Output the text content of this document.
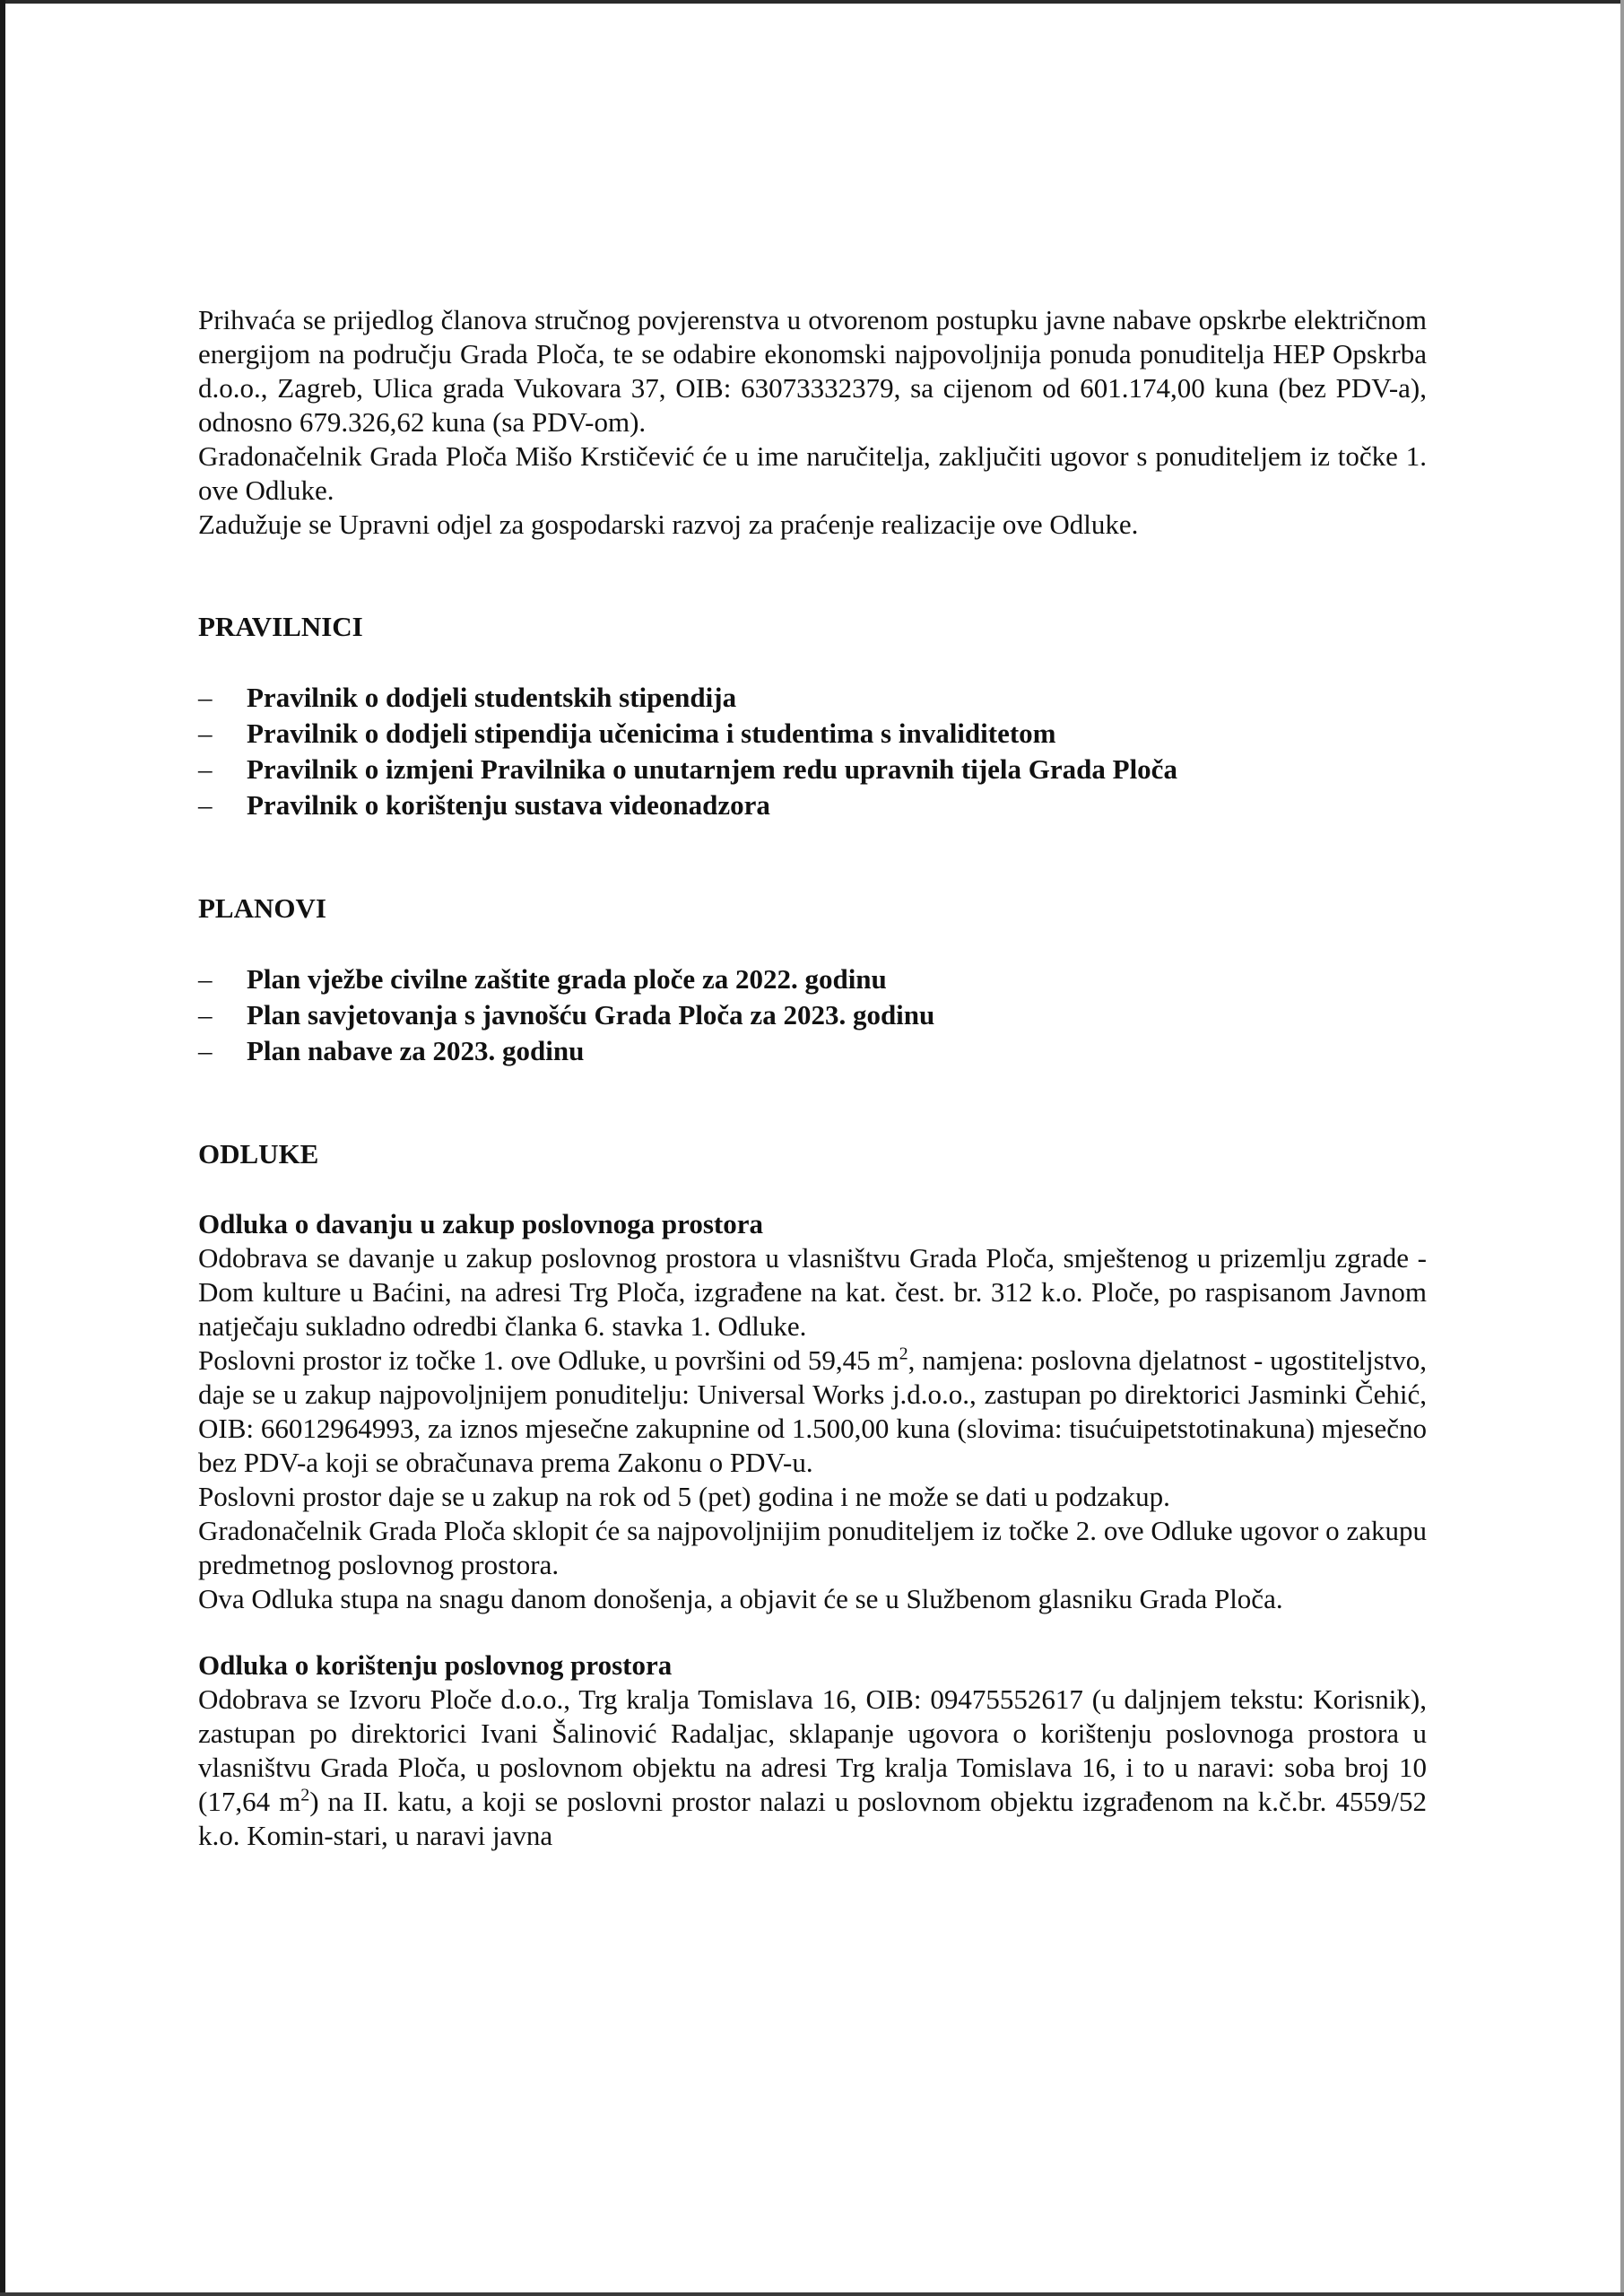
Prihvaća se prijedlog članova stručnog povjerenstva u otvorenom postupku javne nabave opskrbe električnom energijom na području Grada Ploča, te se odabire ekonomski najpovoljnija ponuda ponuditelja HEP Opskrba d.o.o., Zagreb, Ulica grada Vukovara 37, OIB: 63073332379, sa cijenom od 601.174,00 kuna (bez PDV-a), odnosno 679.326,62 kuna (sa PDV-om).

Gradonačelnik Grada Ploča Mišo Krstičević će u ime naručitelja, zaključiti ugovor s ponuditeljem iz točke 1. ove Odluke.

Zadužuje se Upravni odjel za gospodarski razvoj za praćenje realizacije ove Odluke.

PRAVILNICI
– Pravilnik o dodjeli studentskih stipendija
– Pravilnik o dodjeli stipendija učenicima i studentima s invaliditetom
– Pravilnik o izmjeni Pravilnika o unutarnjem redu upravnih tijela Grada Ploča
– Pravilnik o korištenju sustava videonadzora
PLANOVI
– Plan vježbe civilne zaštite grada ploče za 2022. godinu
– Plan savjetovanja s javnošću Grada Ploča za 2023. godinu
– Plan nabave za 2023. godinu
ODLUKE

Odluka o davanju u zakup poslovnoga prostora

Odobrava se davanje u zakup poslovnog prostora u vlasništvu Grada Ploča, smještenog u prizemlju zgrade - Dom kulture u Baćini, na adresi Trg Ploča, izgrađene na kat. čest. br. 312 k.o. Ploče, po raspisanom Javnom natječaju sukladno odredbi članka 6. stavka 1. Odluke.

Poslovni prostor iz točke 1. ove Odluke, u površini od 59,45 $m^2$, namjena: poslovna djelatnost - ugostiteljstvo, daje se u zakup najpovoljnijem ponuditelju: Universal Works j.d.o.o., zastupan po direktorici Jasminki Čehić, OIB: 66012964993, za iznos mjesečne zakupnine od 1.500,00 kuna (slovima: tisućuipetstotinakuna) mjesečno bez PDV-a koji se obračunava prema Zakonu o PDV-u.

Poslovni prostor daje se u zakup na rok od 5 (pet) godina i ne može se dati u podzakup.

Gradonačelnik Grada Ploča sklopit će sa najpovoljnijim ponuditeljem iz točke 2. ove Odluke ugovor o zakupu predmetnog poslovnog prostora.

Ova Odluka stupa na snagu danom donošenja, a objavit će se u Službenom glasniku Grada Ploča.

Odluka o korištenju poslovnog prostora

Odobrava se Izvoru Ploče d.o.o., Trg kralja Tomislava 16, OIB: 09475552617 (u daljnjem tekstu: Korisnik), zastupan po direktorici Ivani Šalinović Radaljac, sklapanje ugovora o korištenju poslovnoga prostora u vlasništvu Grada Ploča, u poslovnom objektu na adresi Trg kralja Tomislava 16, i to u naravi: soba broj 10 (17,64 $m^2$) na II. katu, a koji se poslovni prostor nalazi u poslovnom objektu izgrađenom na k.č.br. 4559/52 k.o. Komin-stari, u naravi javna
